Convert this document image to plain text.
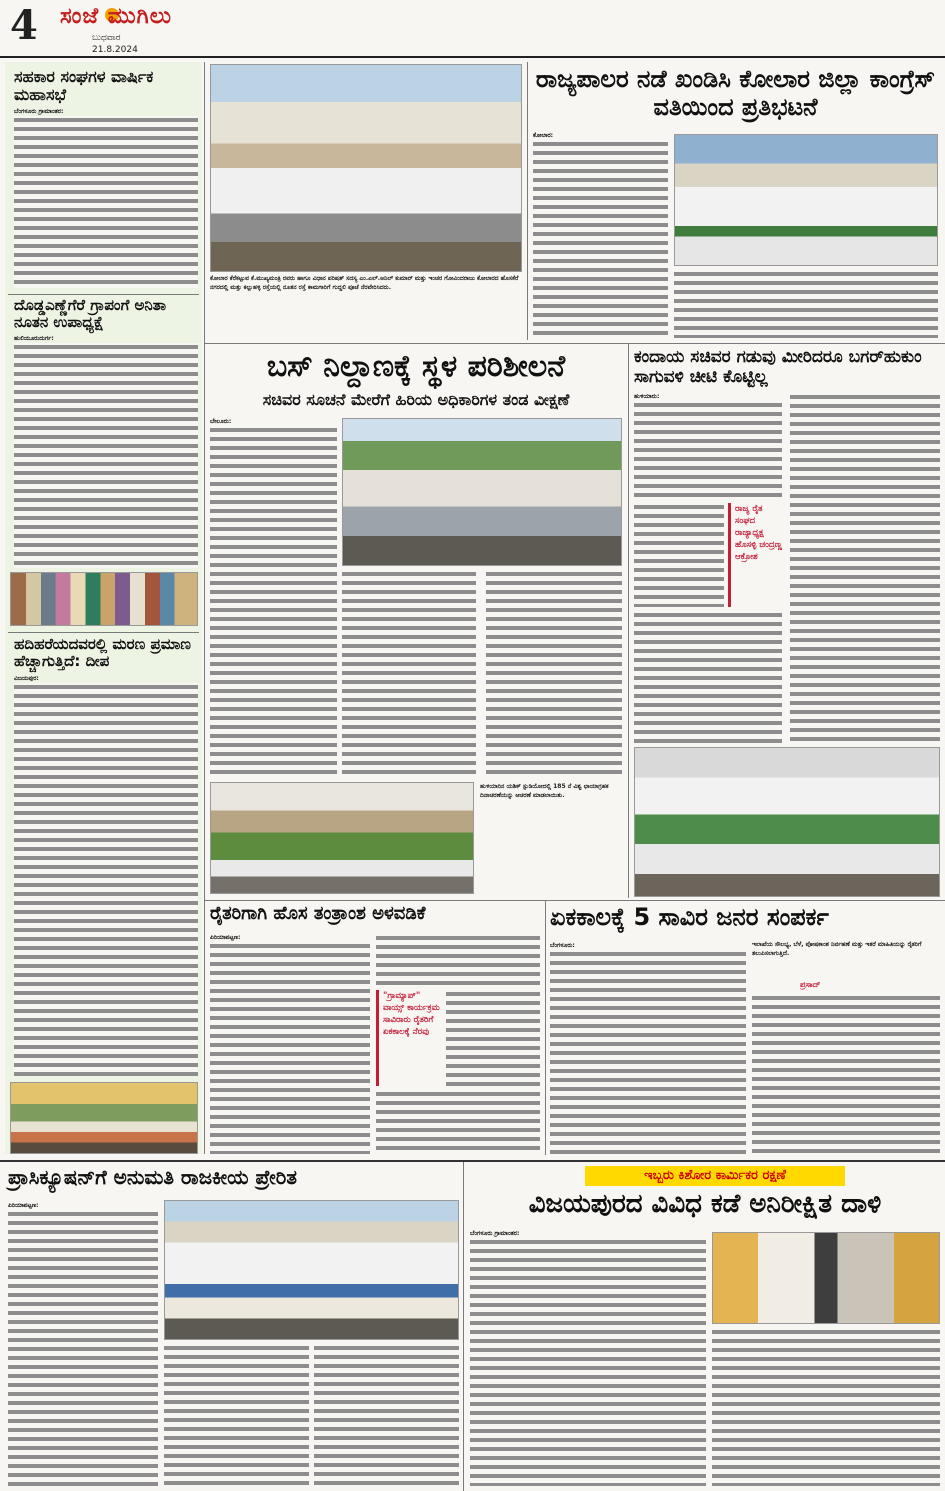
4 ಸಂಜೆ ಮುಗಿಲು
ಬುಧವಾರ
21.8.2024
ಸಹಕಾರ ಸಂಘಗಳ ವಾರ್ಷಿಕ ಮಹಾಸಭೆ
ಬೆಂಗಳೂರು ಗ್ರಾಮಾಂತರ:
ದೊಡ್ಡಎಣ್ಣೆಗೆರೆ ಗ್ರಾಪಂಗೆ ಅನಿತಾ ನೂತನ ಉಪಾಧ್ಯಕ್ಷೆ
ಹುಲಿಯೂರುದುರ್ಗ:
ಹದಿಹರೆಯದವರಲ್ಲಿ ಮರಣ ಪ್ರಮಾಣ ಹೆಚ್ಚಾಗುತ್ತಿದೆ: ದೀಪ
ವಿಜಯಪುರ:
ಕೋಲಾರ ಕೆರೆಕಟ್ಟುವ ಕೆ.ಮುಖ್ಯಮಂತ್ರಿ ರವರು ಹಾಗೂ ವಿಧಾನ ಪರಿಷತ್ ಸದಸ್ಯ ಎಂ.ಎಲ್.ಅನಿಲ್ ಕುಮಾರ್ ಮತ್ತು ಇಂಚರ ಗೋವಿಂದರಾಜು ಕೋಲಾರದ ಹೊಸಕೆರೆ ನಗರದಲ್ಲಿ ಮತ್ತು ಕಲ್ಲುಹಳ್ಳಿ ರಸ್ತೆಯಲ್ಲಿ ನೂತನ ರಸ್ತೆ ಕಾಮಗಾರಿಗೆ ಗುದ್ದಲಿ ಪೂಜೆ ನೆರವೇರಿಸಿದರು.
ರಾಜ್ಯಪಾಲರ ನಡೆ ಖಂಡಿಸಿ ಕೋಲಾರ ಜಿಲ್ಲಾ ಕಾಂಗ್ರೆಸ್ ವತಿಯಿಂದ ಪ್ರತಿಭಟನೆ
ಕೋಲಾರ:
ಬಸ್ ನಿಲ್ದಾಣಕ್ಕೆ ಸ್ಥಳ ಪರಿಶೀಲನೆ
ಸಚಿವರ ಸೂಚನೆ ಮೇರೆಗೆ ಹಿರಿಯ ಅಧಿಕಾರಿಗಳ ತಂಡ ವೀಕ್ಷಣೆ
ಬೇಲೂರು:
ಕಂದಾಯ ಸಚಿವರ ಗಡುವು ಮೀರಿದರೂ ಬಗರ್‌ಹುಕುಂ ಸಾಗುವಳಿ ಚೀಟಿ ಕೊಟ್ಟಿಲ್ಲ
ಹುಳಿಯಾರು:
ರಾಜ್ಯ ರೈತ ಸಂಘದ ರಾಜ್ಯಾಧ್ಯಕ್ಷ ಹೊಸಳ್ಳಿ ಚಂದ್ರಣ್ಣ ಆಕ್ರೋಶ
ಹುಳಿಯಾರಿನ ಯಶಿಕ್ ಸ್ಟುಡಿಯೋದಲ್ಲಿ 185 ನೆ ವಿಶ್ವ ಛಾಯಾಗ್ರಹಕ ದಿನಾಚರಣೆಯನ್ನು ಆಚರಣೆ ಮಾಡಲಾಯಿತು.
ರೈತರಿಗಾಗಿ ಹೊಸ ತಂತ್ರಾಂಶ ಅಳವಡಿಕೆ
ಪಿರಿಯಾಪಟ್ಟಣ:
"ಗ್ರಾಮ್ಯಾಪ್" ವಾಯ್ಸ್ ಕಾರ್ಯಕ್ರಮ ಸಾವಿರಾರು ರೈತರಿಗೆ ಏಕಕಾಲಕ್ಕೆ ನೆರವು
ಏಕಕಾಲಕ್ಕೆ 5 ಸಾವಿರ ಜನರ ಸಂಪರ್ಕ
ಬೆಂಗಳೂರು:	ಇಲಾಖೆಯ ಸೌಲಭ್ಯ, ಬೆಳೆ, ಪೋಷಕಾಂಶ ನಿರ್ವಹಣೆ ಮತ್ತು ಇತರೆ ಮಾಹಿತಿಯನ್ನು ರೈತರಿಗೆ ತಲುಪಿಸಲಾಗುತ್ತಿದೆ.
ಪ್ರಸಾದ್
ಪ್ರಾಸಿಕ್ಯೂಷನ್‌ಗೆ ಅನುಮತಿ ರಾಜಕೀಯ ಪ್ರೇರಿತ
ಪಿರಿಯಾಪಟ್ಟಣ:
ಇಬ್ಬರು ಕಿಶೋರ ಕಾರ್ಮಿಕರ ರಕ್ಷಣೆ
ವಿಜಯಪುರದ ವಿವಿಧ ಕಡೆ ಅನಿರೀಕ್ಷಿತ ದಾಳಿ
ಬೆಂಗಳೂರು ಗ್ರಾಮಾಂತರ:
